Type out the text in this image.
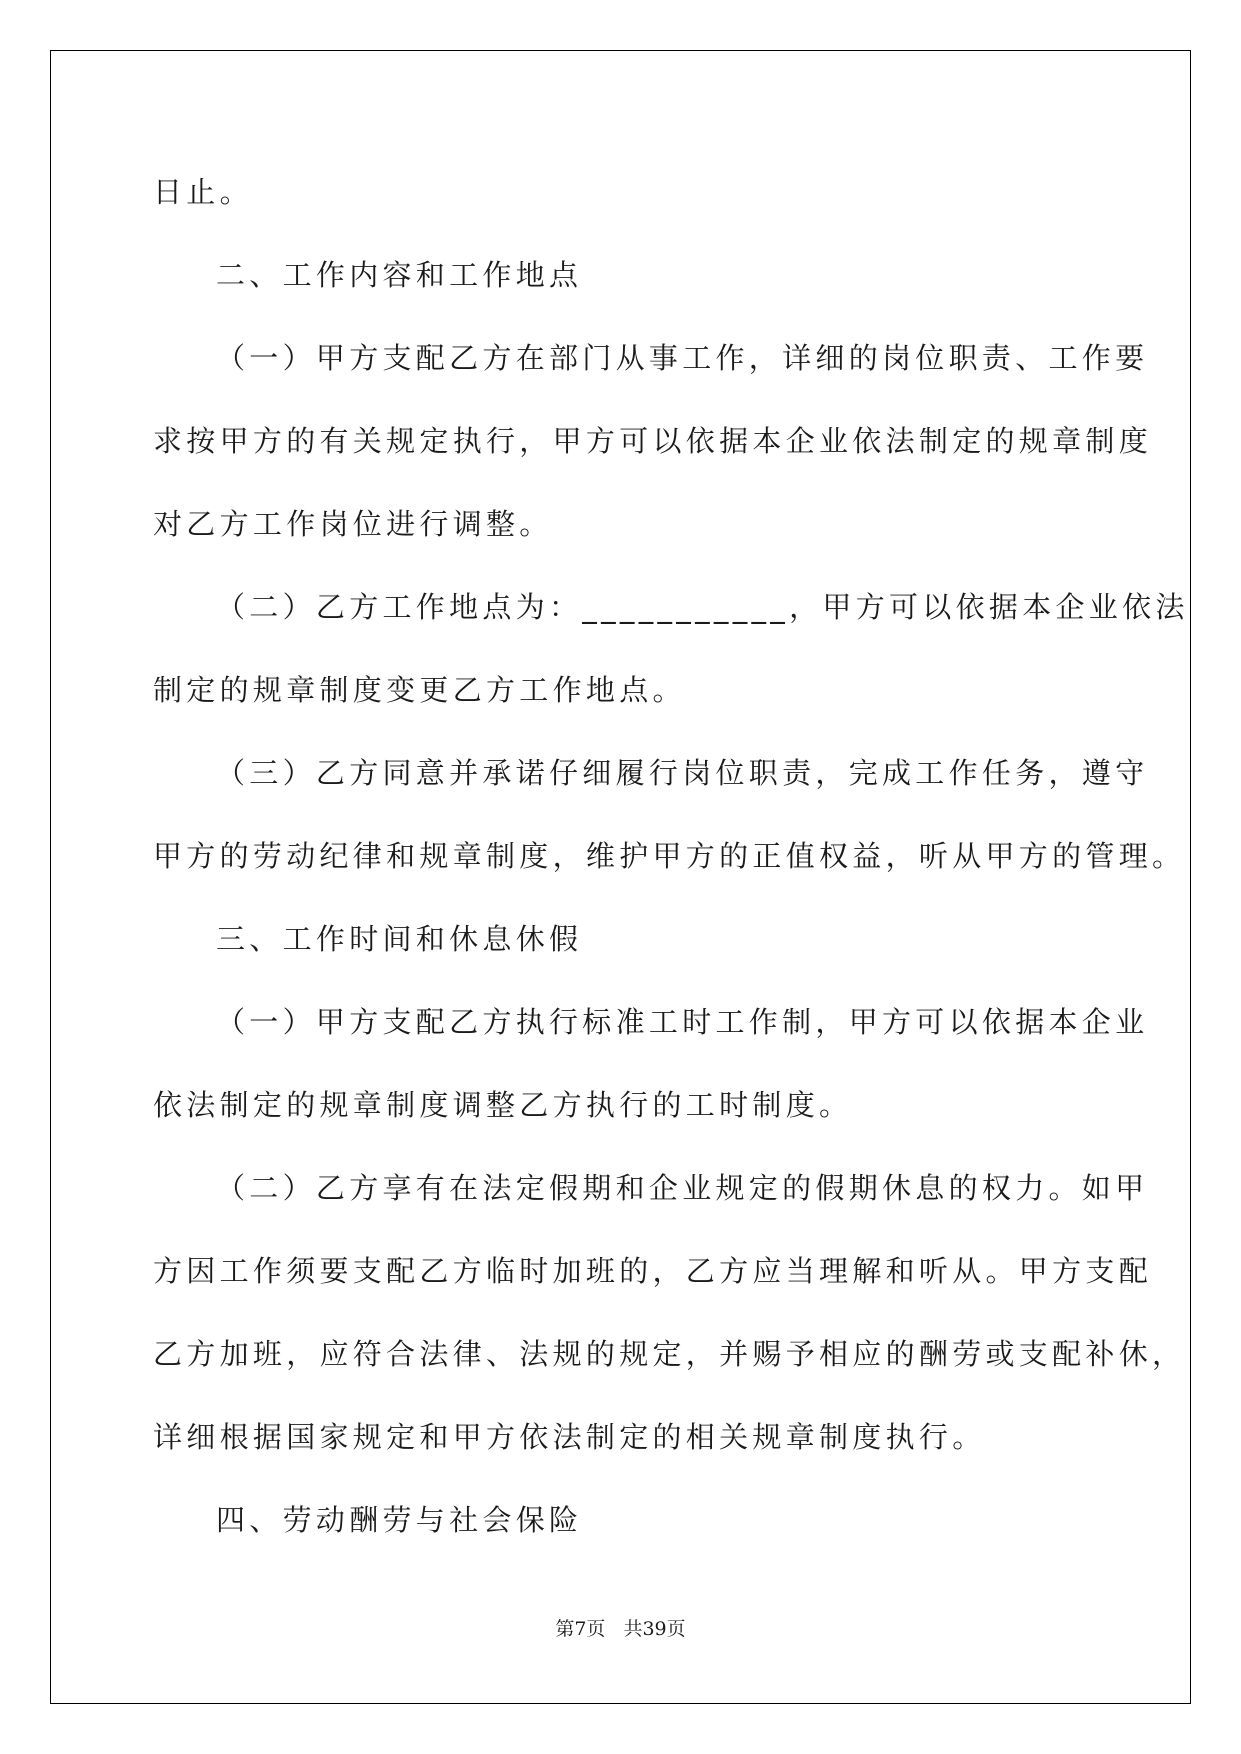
日止。
二、工作内容和工作地点
（一）甲方支配乙方在部门从事工作，详细的岗位职责、工作要
求按甲方的有关规定执行，甲方可以依据本企业依法制定的规章制度
对乙方工作岗位进行调整。
（二）乙方工作地点为：___________，甲方可以依据本企业依法
制定的规章制度变更乙方工作地点。
（三）乙方同意并承诺仔细履行岗位职责，完成工作任务，遵守
甲方的劳动纪律和规章制度，维护甲方的正值权益，听从甲方的管理。
三、工作时间和休息休假
（一）甲方支配乙方执行标准工时工作制，甲方可以依据本企业
依法制定的规章制度调整乙方执行的工时制度。
（二）乙方享有在法定假期和企业规定的假期休息的权力。如甲
方因工作须要支配乙方临时加班的，乙方应当理解和听从。甲方支配
乙方加班，应符合法律、法规的规定，并赐予相应的酬劳或支配补休，
详细根据国家规定和甲方依法制定的相关规章制度执行。
四、劳动酬劳与社会保险
第7页 共39页
